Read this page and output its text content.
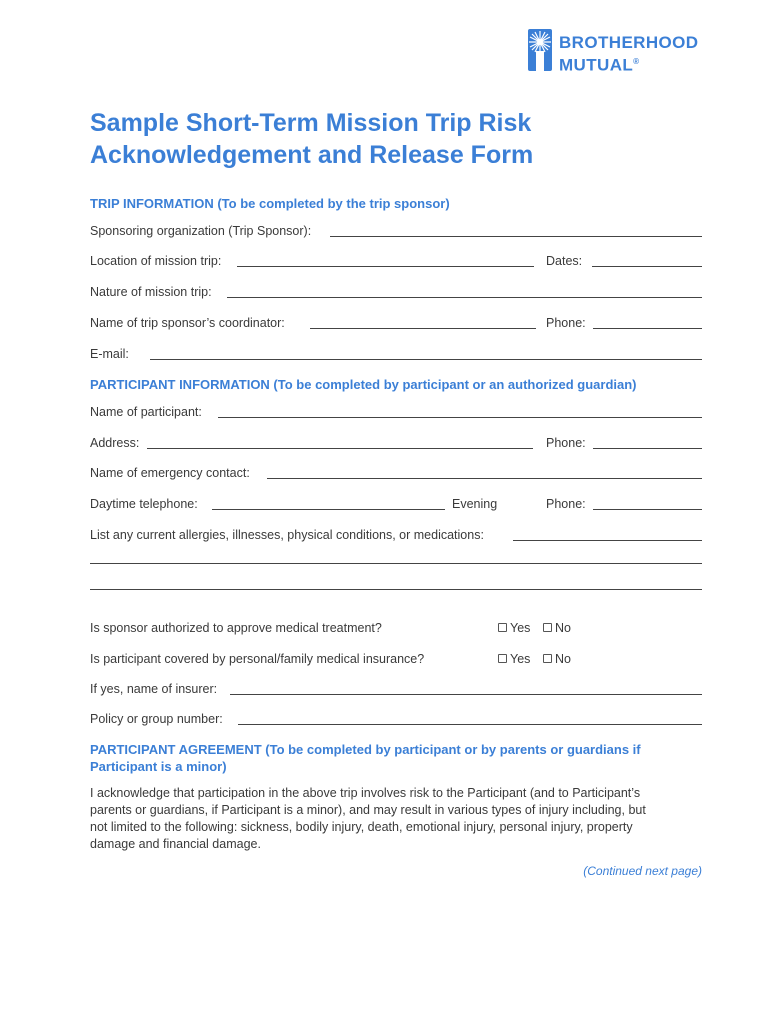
BROTHERHOOD
MUTUAL®
Sample Short-Term Mission Trip Risk
Acknowledgement and Release Form
TRIP INFORMATION (To be completed by the trip sponsor)
Sponsoring organization (Trip Sponsor):
Location of mission trip:	Dates:
Nature of mission trip:
Name of trip sponsor’s coordinator:	Phone:
E-mail:
PARTICIPANT INFORMATION (To be completed by participant or an authorized guardian)
Name of participant:
Address:	Phone:
Name of emergency contact:
Daytime telephone:	Evening	Phone:
List any current allergies, illnesses, physical conditions, or medications:
Is sponsor authorized to approve medical treatment?	Yes	No
Is participant covered by personal/family medical insurance?	Yes	No
If yes, name of insurer:
Policy or group number:
PARTICIPANT AGREEMENT (To be completed by participant or by parents or guardians if
Participant is a minor)
I acknowledge that participation in the above trip involves risk to the Participant (and to Participant’s
parents or guardians, if Participant is a minor), and may result in various types of injury including, but
not limited to the following: sickness, bodily injury, death, emotional injury, personal injury, property
damage and financial damage.
(Continued next page)
